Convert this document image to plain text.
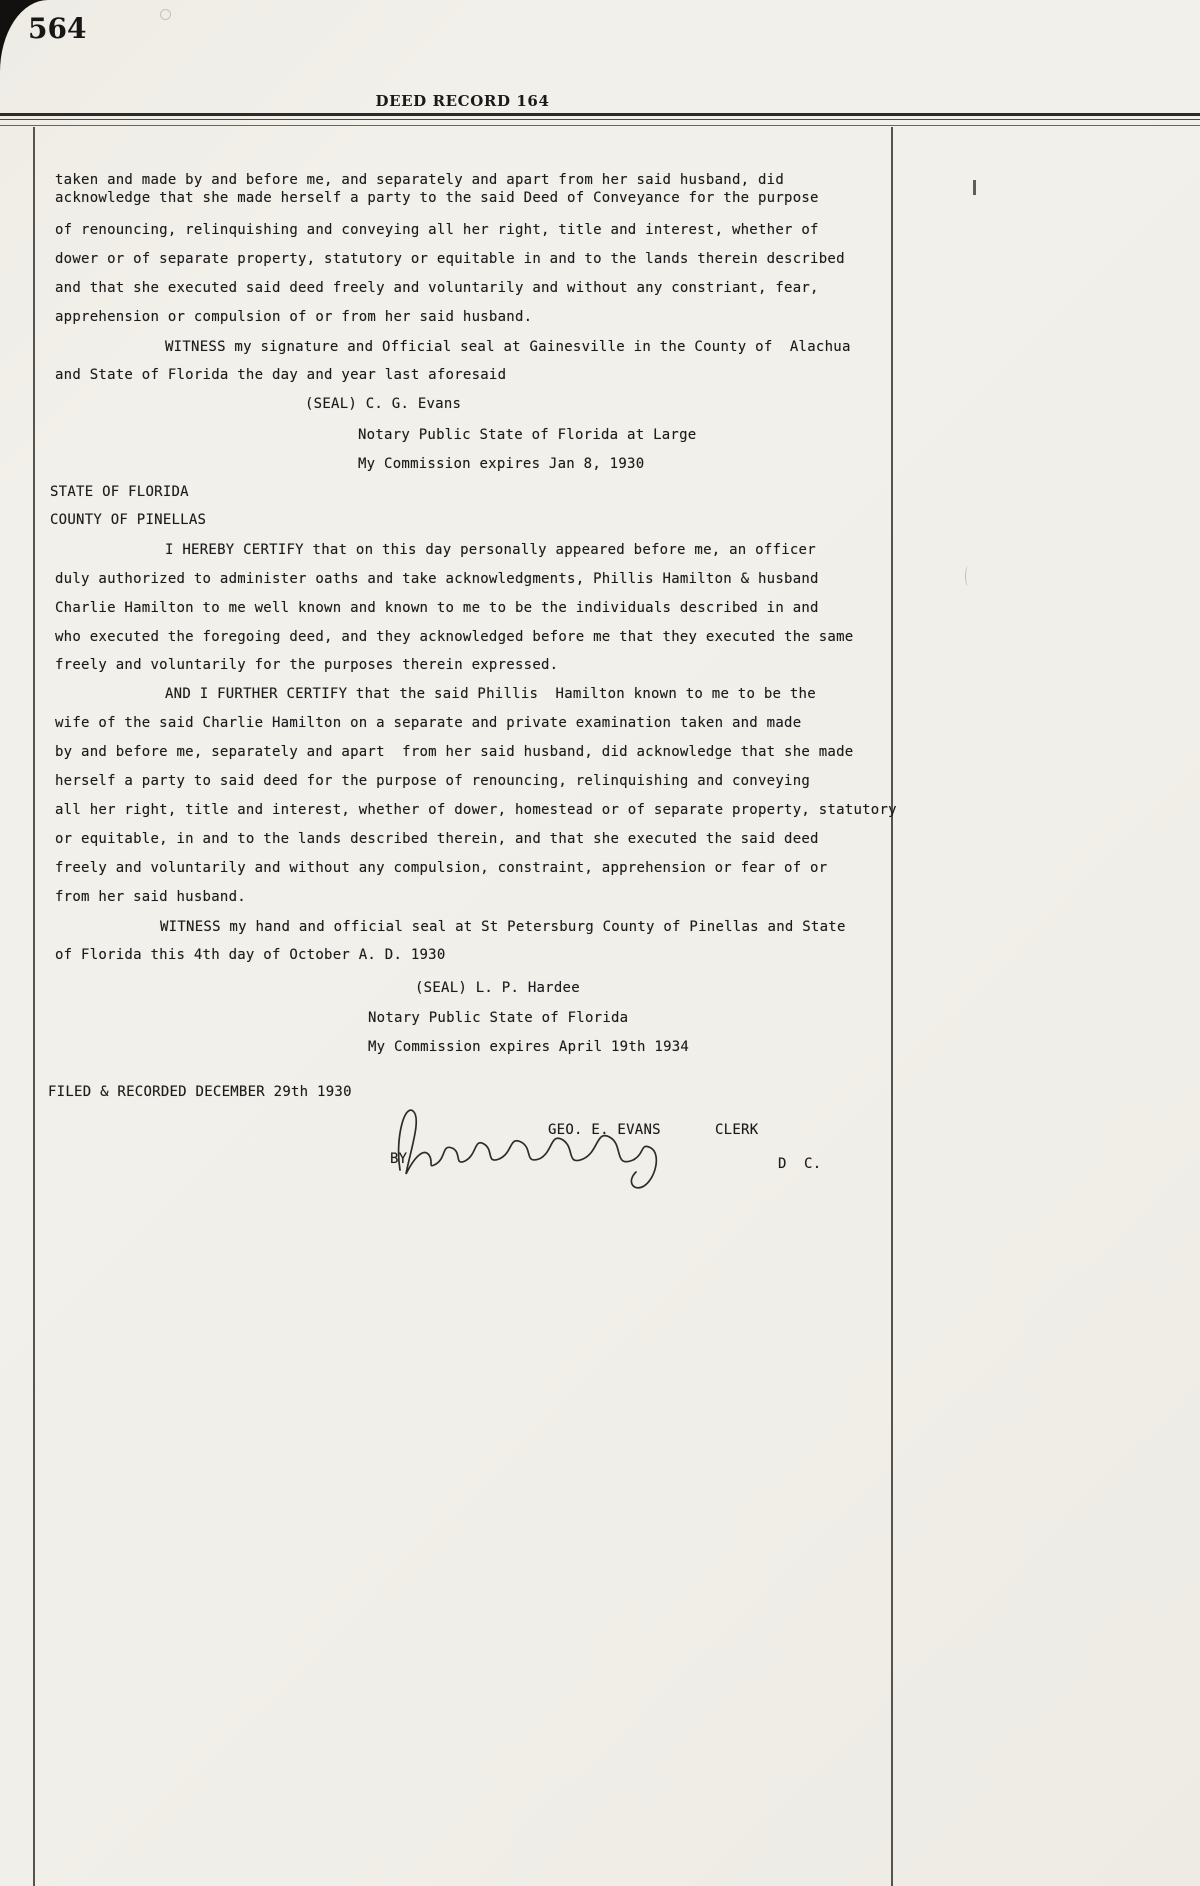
564
DEED RECORD 164
taken and made by and before me, and separately and apart from her said husband, did
acknowledge that she made herself a party to the said Deed of Conveyance for the purpose
of renouncing, relinquishing and conveying all her right, title and interest, whether of
dower or of separate property, statutory or equitable in and to the lands therein described
and that she executed said deed freely and voluntarily and without any constriant, fear,
apprehension or compulsion of or from her said husband.
WITNESS my signature and Official seal at Gainesville in the County of  Alachua
and State of Florida the day and year last aforesaid
(SEAL) C. G. Evans
Notary Public State of Florida at Large
My Commission expires Jan 8, 1930
STATE OF FLORIDA
COUNTY OF PINELLAS
I HEREBY CERTIFY that on this day personally appeared before me, an officer
duly authorized to administer oaths and take acknowledgments, Phillis Hamilton & husband
Charlie Hamilton to me well known and known to me to be the individuals described in and
who executed the foregoing deed, and they acknowledged before me that they executed the same
freely and voluntarily for the purposes therein expressed.
AND I FURTHER CERTIFY that the said Phillis  Hamilton known to me to be the
wife of the said Charlie Hamilton on a separate and private examination taken and made
by and before me, separately and apart  from her said husband, did acknowledge that she made
herself a party to said deed for the purpose of renouncing, relinquishing and conveying
all her right, title and interest, whether of dower, homestead or of separate property, statutory
or equitable, in and to the lands described therein, and that she executed the said deed
freely and voluntarily and without any compulsion, constraint, apprehension or fear of or
from her said husband.
WITNESS my hand and official seal at St Petersburg County of Pinellas and State
of Florida this 4th day of October A. D. 1930
(SEAL) L. P. Hardee
Notary Public State of Florida
My Commission expires April 19th 1934
FILED & RECORDED DECEMBER 29th 1930
GEO. E. EVANS	CLERK
BY	D  C.
